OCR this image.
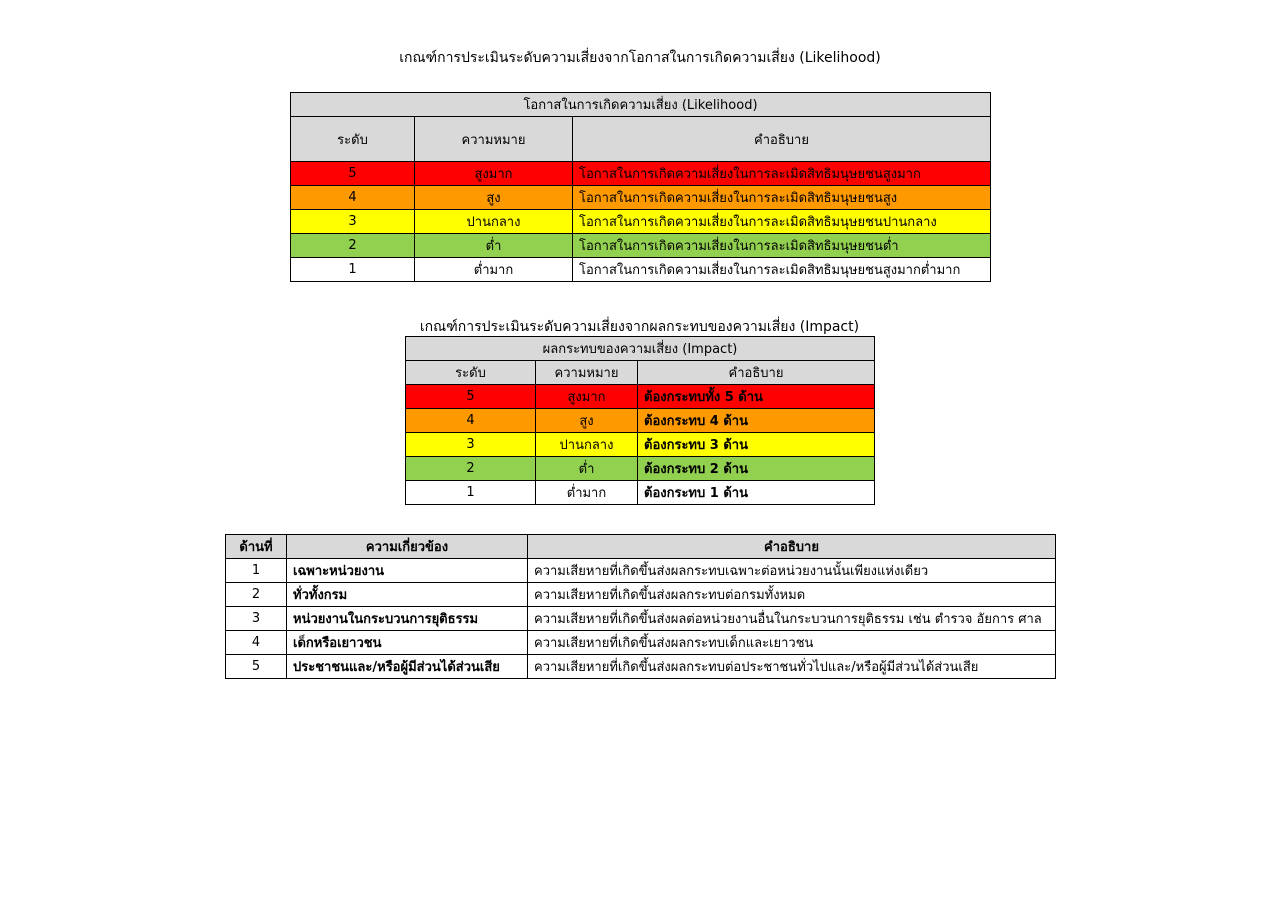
เกณฑ์การประเมินระดับความเสี่ยงจากโอกาสในการเกิดความเสี่ยง (Likelihood)
โอกาสในการเกิดความเสี่ยง (Likelihood)		
ระดับ	ความหมาย	คำอธิบาย
5	สูงมาก	โอกาสในการเกิดความเสี่ยงในการละเมิดสิทธิมนุษยชนสูงมาก
4	สูง	โอกาสในการเกิดความเสี่ยงในการละเมิดสิทธิมนุษยชนสูง
3	ปานกลาง	โอกาสในการเกิดความเสี่ยงในการละเมิดสิทธิมนุษยชนปานกลาง
2	ต่ำ	โอกาสในการเกิดความเสี่ยงในการละเมิดสิทธิมนุษยชนต่ำ
1	ต่ำมาก	โอกาสในการเกิดความเสี่ยงในการละเมิดสิทธิมนุษยชนสูงมากต่ำมาก
เกณฑ์การประเมินระดับความเสี่ยงจากผลกระทบของความเสี่ยง (Impact)
ผลกระทบของความเสี่ยง (Impact)		
ระดับ	ความหมาย	คำอธิบาย
5	สูงมาก	ต้องกระทบทั้ง 5 ด้าน
4	สูง	ต้องกระทบ 4 ด้าน
3	ปานกลาง	ต้องกระทบ 3 ด้าน
2	ต่ำ	ต้องกระทบ 2 ด้าน
1	ต่ำมาก	ต้องกระทบ 1 ด้าน
ด้านที่	ความเกี่ยวข้อง	คำอธิบาย
1	เฉพาะหน่วยงาน	ความเสียหายที่เกิดขึ้นส่งผลกระทบเฉพาะต่อหน่วยงานนั้นเพียงแห่งเดียว
2	ทั่วทั้งกรม	ความเสียหายที่เกิดขึ้นส่งผลกระทบต่อกรมทั้งหมด
3	หน่วยงานในกระบวนการยุติธรรม	ความเสียหายที่เกิดขึ้นส่งผลต่อหน่วยงานอื่นในกระบวนการยุติธรรม เช่น ตำรวจ อัยการ ศาล
4	เด็กหรือเยาวชน	ความเสียหายที่เกิดขึ้นส่งผลกระทบเด็กและเยาวชน
5	ประชาชนและ/หรือผู้มีส่วนได้ส่วนเสีย	ความเสียหายที่เกิดขึ้นส่งผลกระทบต่อประชาชนทั่วไปและ/หรือผู้มีส่วนได้ส่วนเสีย
